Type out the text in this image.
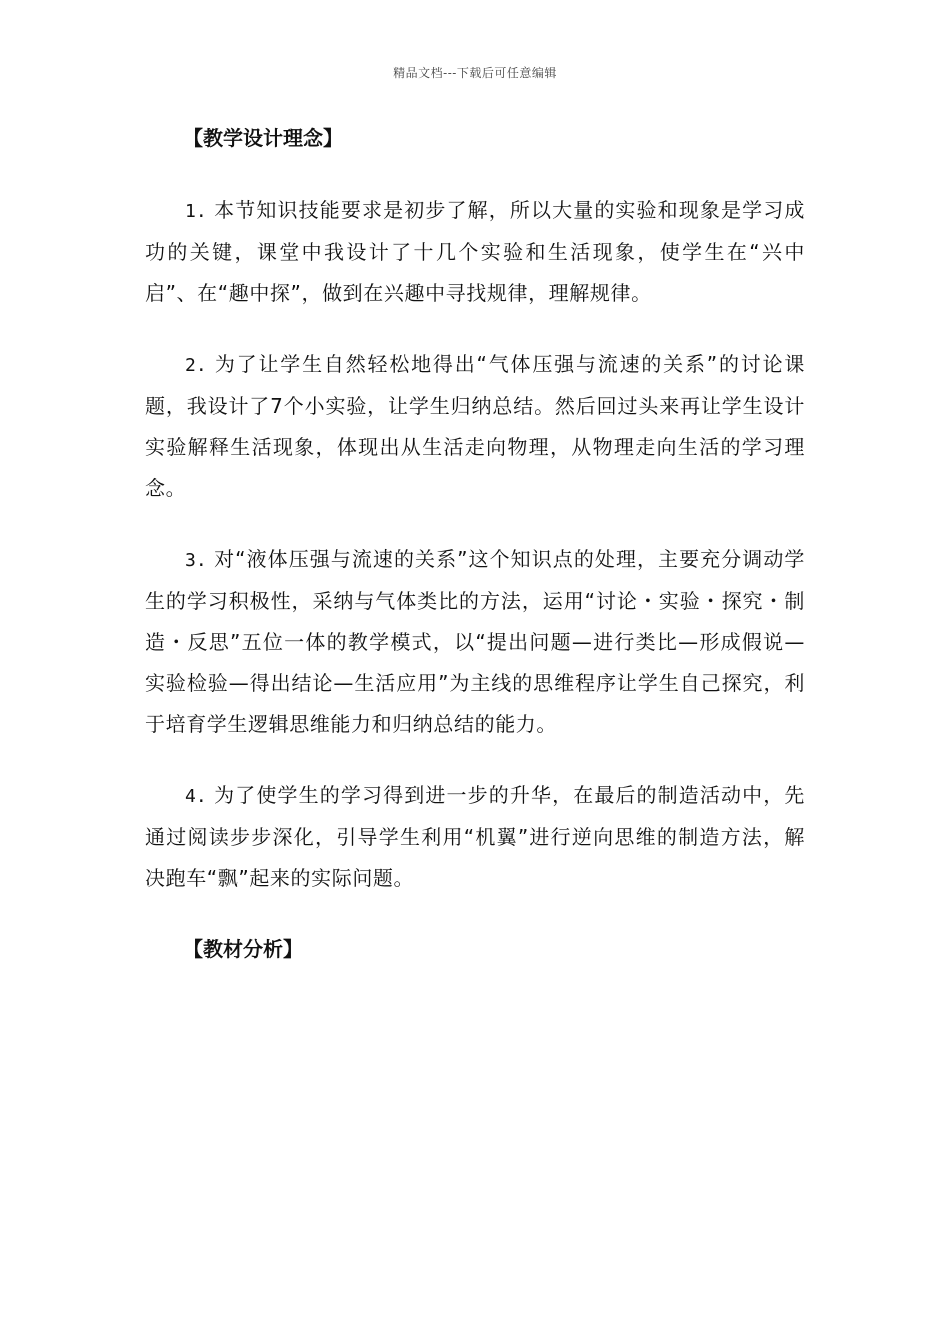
精品文档---下载后可任意编辑

【教学设计理念】

1. 本节知识技能要求是初步了解，所以大量的实验和现象是学习成功的关键，课堂中我设计了十几个实验和生活现象，使学生在“兴中启”、在“趣中探”，做到在兴趣中寻找规律，理解规律。

2. 为了让学生自然轻松地得出“气体压强与流速的关系”的讨论课题，我设计了7个小实验，让学生归纳总结。然后回过头来再让学生设计实验解释生活现象，体现出从生活走向物理，从物理走向生活的学习理念。

3. 对“液体压强与流速的关系”这个知识点的处理，主要充分调动学生的学习积极性，采纳与气体类比的方法，运用“讨论・实验・探究・制造・反思”五位一体的教学模式，以“提出问题—进行类比—形成假说—实验检验—得出结论—生活应用”为主线的思维程序让学生自己探究，利于培育学生逻辑思维能力和归纳总结的能力。

4. 为了使学生的学习得到进一步的升华，在最后的制造活动中，先通过阅读步步深化，引导学生利用“机翼”进行逆向思维的制造方法，解决跑车“飘”起来的实际问题。

【教材分析】
